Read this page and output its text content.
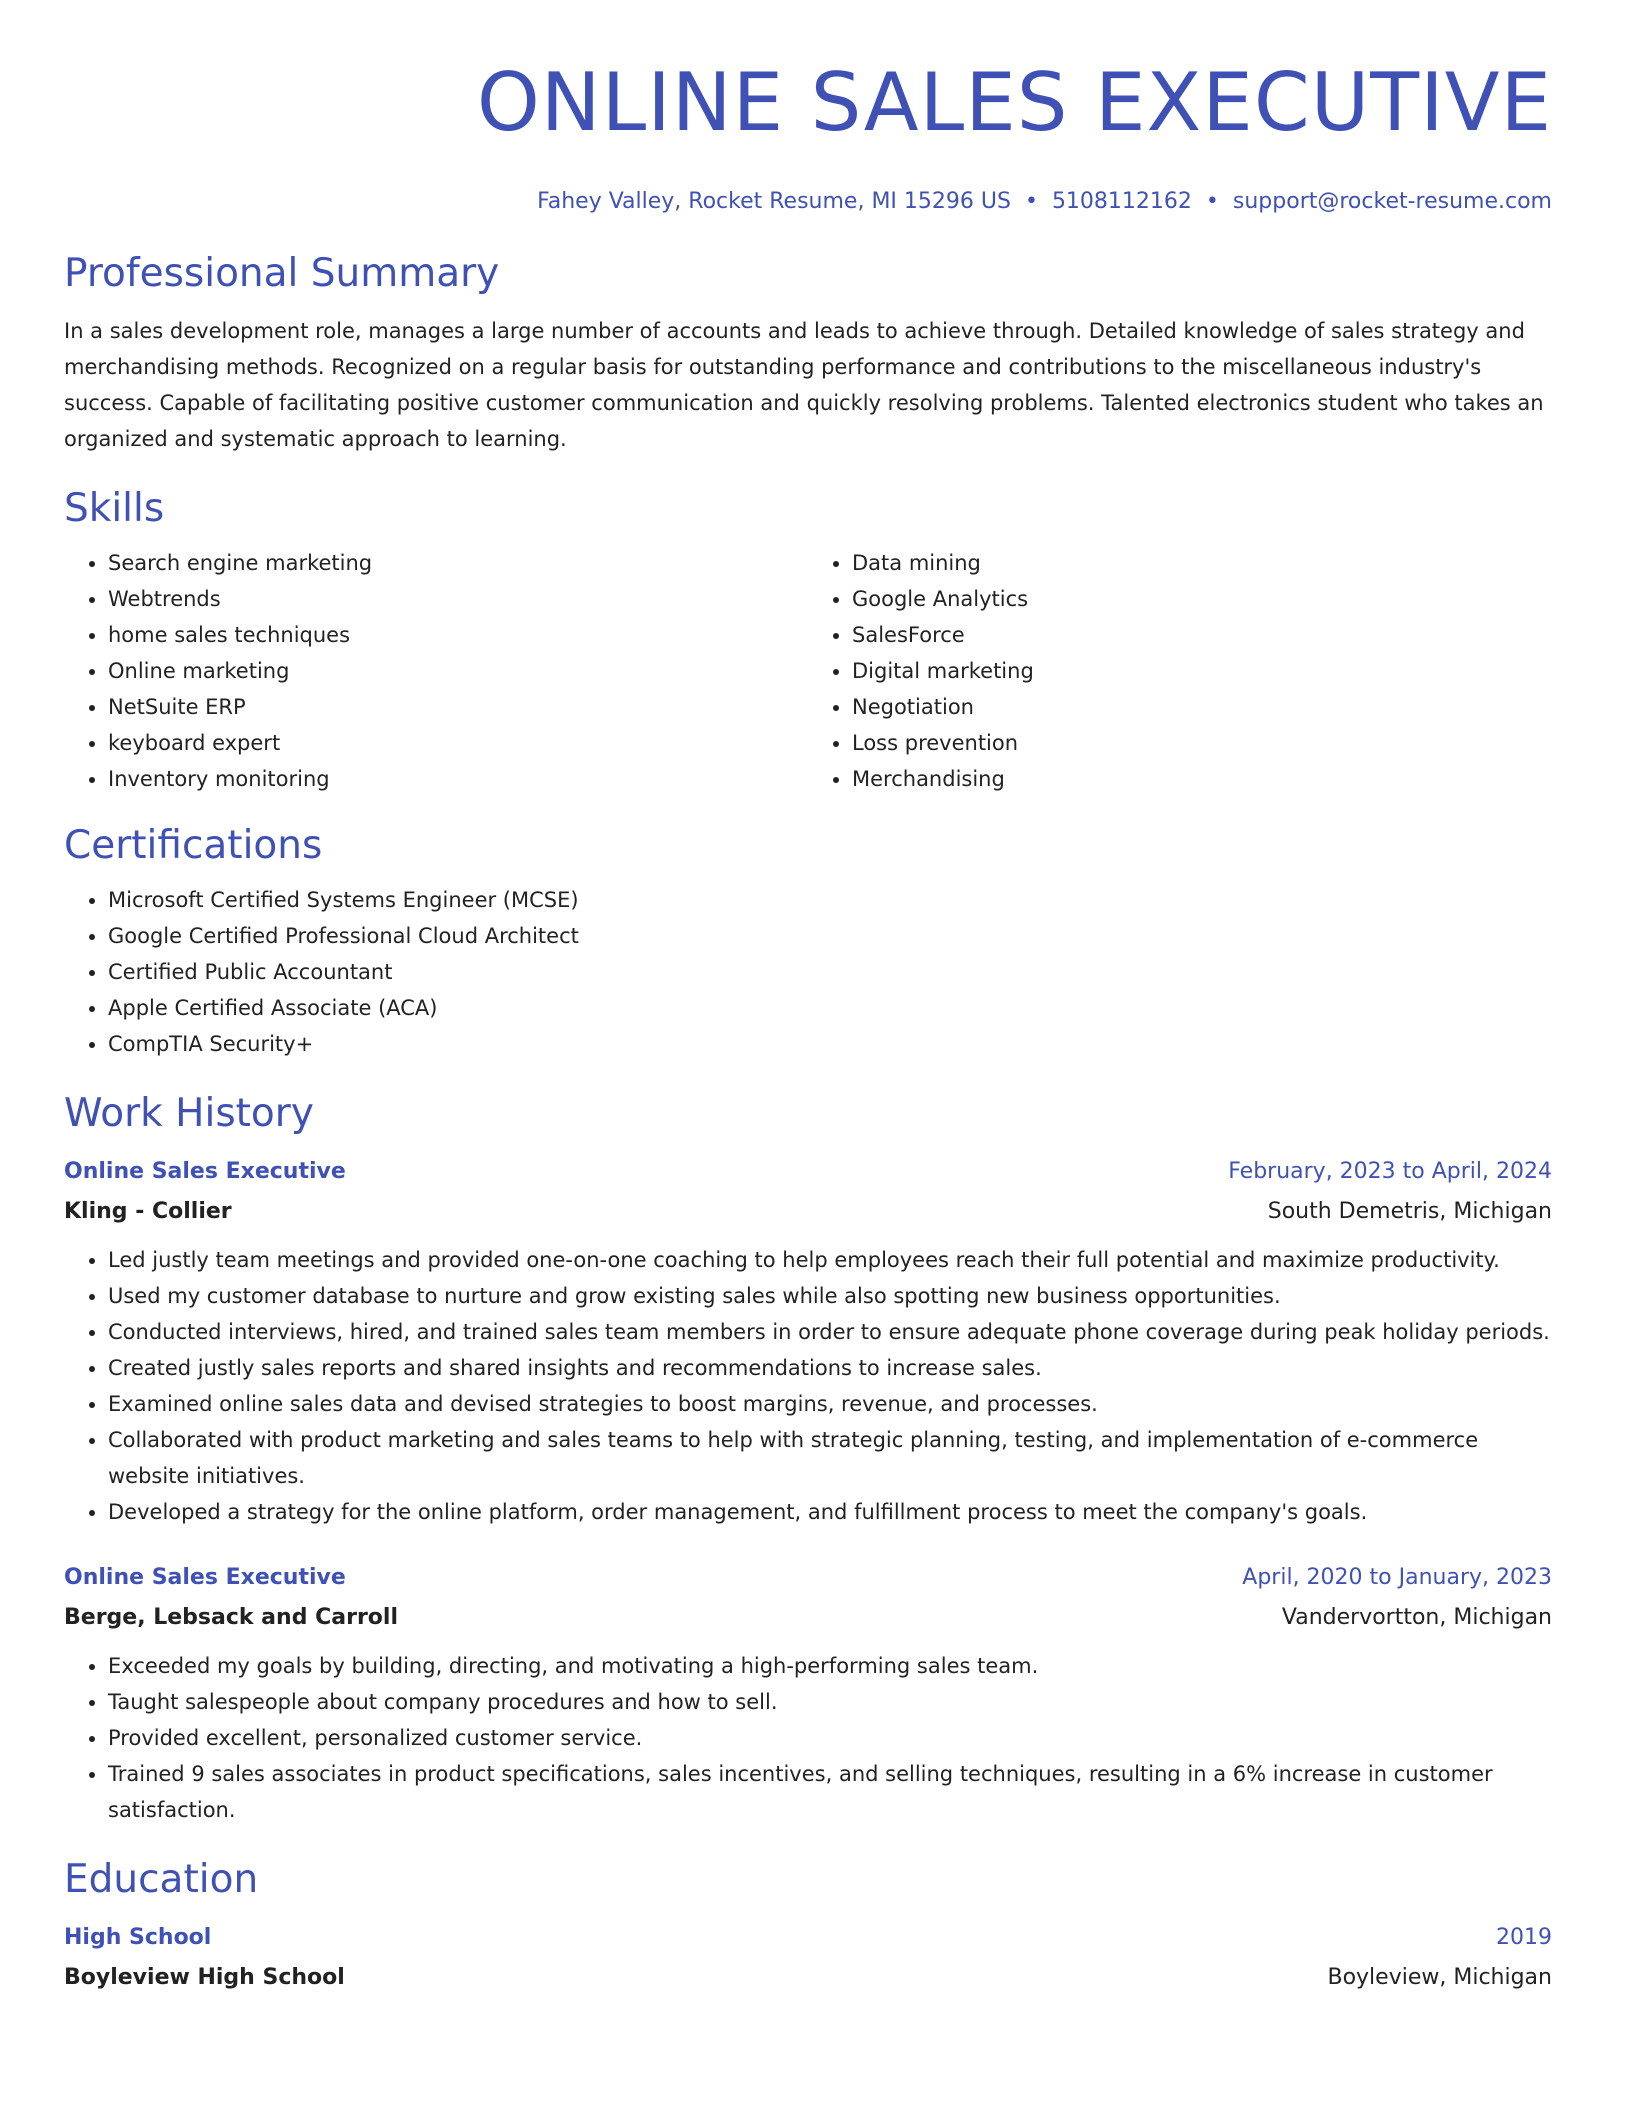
ONLINE SALES EXECUTIVE
Fahey Valley, Rocket Resume, MI 15296 US • 5108112162 • support@rocket-resume.com
Professional Summary

In a sales development role, manages a large number of accounts and leads to achieve through. Detailed knowledge of sales strategy and merchandising methods. Recognized on a regular basis for outstanding performance and contributions to the miscellaneous industry's success. Capable of facilitating positive customer communication and quickly resolving problems. Talented electronics student who takes an organized and systematic approach to learning.

Skills
• Search engine marketing
• Webtrends
• home sales techniques
• Online marketing
• NetSuite ERP
• keyboard expert
• Inventory monitoring
• Data mining
• Google Analytics
• SalesForce
• Digital marketing
• Negotiation
• Loss prevention
• Merchandising
Certifications
• Microsoft Certified Systems Engineer (MCSE)
• Google Certified Professional Cloud Architect
• Certified Public Accountant
• Apple Certified Associate (ACA)
• CompTIA Security+
Work History
Online Sales Executive	February, 2023 to April, 2024
Kling - Collier	South Demetris, Michigan
• Led justly team meetings and provided one-on-one coaching to help employees reach their full potential and maximize productivity.
• Used my customer database to nurture and grow existing sales while also spotting new business opportunities.
• Conducted interviews, hired, and trained sales team members in order to ensure adequate phone coverage during peak holiday periods.
• Created justly sales reports and shared insights and recommendations to increase sales.
• Examined online sales data and devised strategies to boost margins, revenue, and processes.
• Collaborated with product marketing and sales teams to help with strategic planning, testing, and implementation of e-commerce website initiatives.
• Developed a strategy for the online platform, order management, and fulfillment process to meet the company's goals.
Online Sales Executive	April, 2020 to January, 2023
Berge, Lebsack and Carroll	Vandervortton, Michigan
• Exceeded my goals by building, directing, and motivating a high-performing sales team.
• Taught salespeople about company procedures and how to sell.
• Provided excellent, personalized customer service.
• Trained 9 sales associates in product specifications, sales incentives, and selling techniques, resulting in a 6% increase in customer satisfaction.
Education
High School	2019
Boyleview High School	Boyleview, Michigan
